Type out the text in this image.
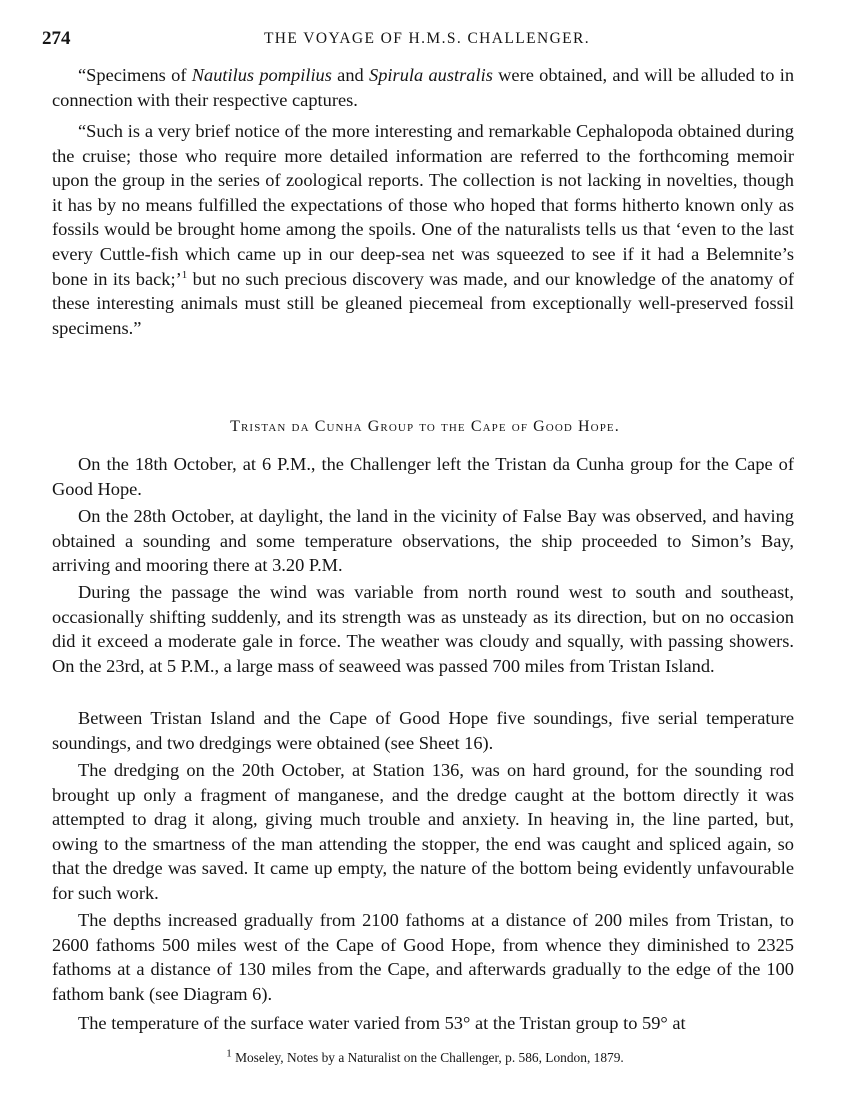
274	THE VOYAGE OF H.M.S. CHALLENGER.

“Specimens of Nautilus pompilius and Spirula australis were obtained, and will be alluded to in connection with their respective captures.

“Such is a very brief notice of the more interesting and remarkable Cephalopoda obtained during the cruise; those who require more detailed information are referred to the forthcoming memoir upon the group in the series of zoological reports. The collection is not lacking in novelties, though it has by no means fulfilled the expectations of those who hoped that forms hitherto known only as fossils would be brought home among the spoils. One of the naturalists tells us that ‘even to the last every Cuttle-fish which came up in our deep-sea net was squeezed to see if it had a Belemnite’s bone in its back;’$^1$ but no such precious discovery was made, and our knowledge of the anatomy of these interesting animals must still be gleaned piecemeal from exceptionally well-preserved fossil specimens.”

Tristan da Cunha Group to the Cape of Good Hope.

On the 18th October, at 6 P.M., the Challenger left the Tristan da Cunha group for the Cape of Good Hope.

On the 28th October, at daylight, the land in the vicinity of False Bay was observed, and having obtained a sounding and some temperature observations, the ship proceeded to Simon’s Bay, arriving and mooring there at 3.20 P.M.

During the passage the wind was variable from north round west to south and southeast, occasionally shifting suddenly, and its strength was as unsteady as its direction, but on no occasion did it exceed a moderate gale in force. The weather was cloudy and squally, with passing showers. On the 23rd, at 5 P.M., a large mass of seaweed was passed 700 miles from Tristan Island.

Between Tristan Island and the Cape of Good Hope five soundings, five serial temperature soundings, and two dredgings were obtained (see Sheet 16).

The dredging on the 20th October, at Station 136, was on hard ground, for the sounding rod brought up only a fragment of manganese, and the dredge caught at the bottom directly it was attempted to drag it along, giving much trouble and anxiety. In heaving in, the line parted, but, owing to the smartness of the man attending the stopper, the end was caught and spliced again, so that the dredge was saved. It came up empty, the nature of the bottom being evidently unfavourable for such work.

The depths increased gradually from 2100 fathoms at a distance of 200 miles from Tristan, to 2600 fathoms 500 miles west of the Cape of Good Hope, from whence they diminished to 2325 fathoms at a distance of 130 miles from the Cape, and afterwards gradually to the edge of the 100 fathom bank (see Diagram 6).

The temperature of the surface water varied from 53° at the Tristan group to 59° at

$^1$ Moseley, Notes by a Naturalist on the Challenger, p. 586, London, 1879.
